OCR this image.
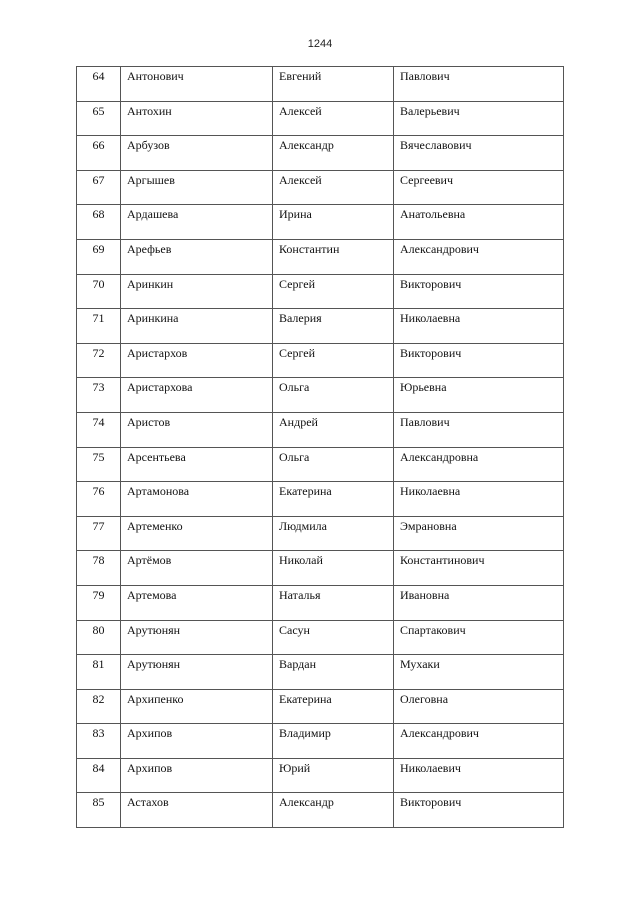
1244
64	Антонович	Евгений	Павлович
65	Антохин	Алексей	Валерьевич
66	Арбузов	Александр	Вячеславович
67	Аргышев	Алексей	Сергеевич
68	Ардашева	Ирина	Анатольевна
69	Арефьев	Константин	Александрович
70	Аринкин	Сергей	Викторович
71	Аринкина	Валерия	Николаевна
72	Аристархов	Сергей	Викторович
73	Аристархова	Ольга	Юрьевна
74	Аристов	Андрей	Павлович
75	Арсентьева	Ольга	Александровна
76	Артамонова	Екатерина	Николаевна
77	Артеменко	Людмила	Эмрановна
78	Артёмов	Николай	Константинович
79	Артемова	Наталья	Ивановна
80	Арутюнян	Сасун	Спартакович
81	Арутюнян	Вардан	Мухаки
82	Архипенко	Екатерина	Олеговна
83	Архипов	Владимир	Александрович
84	Архипов	Юрий	Николаевич
85	Астахов	Александр	Викторович
